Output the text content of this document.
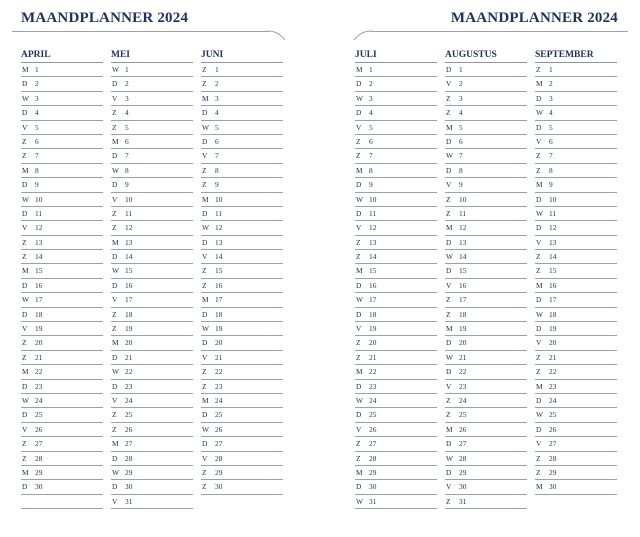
MAANDPLANNER 2024	MAANDPLANNER 2024
APRIL
M 1
D 2
W 3
D 4
V 5
Z 6
Z 7
M 8
D 9
W 10
D 11
V 12
Z 13
Z 14
M 15
D 16
W 17
D 18
V 19
Z 20
Z 21
M 22
D 23
W 24
D 25
V 26
Z 27
Z 28
M 29
D 30
MEI
W 1
D 2
V 3
Z 4
Z 5
M 6
D 7
W 8
D 9
V 10
Z 11
Z 12
M 13
D 14
W 15
D 16
V 17
Z 18
Z 19
M 20
D 21
W 22
D 23
V 24
Z 25
Z 26
M 27
D 28
W 29
D 30
V 31
JUNI
Z 1
Z 2
M 3
D 4
W 5
D 6
V 7
Z 8
Z 9
M 10
D 11
W 12
D 13
V 14
Z 15
Z 16
M 17
D 18
W 19
D 20
V 21
Z 22
Z 23
M 24
D 25
W 26
D 27
V 28
Z 29
Z 30
JULI
M 1
D 2
W 3
D 4
V 5
Z 6
Z 7
M 8
D 9
W 10
D 11
V 12
Z 13
Z 14
M 15
D 16
W 17
D 18
V 19
Z 20
Z 21
M 22
D 23
W 24
D 25
V 26
Z 27
Z 28
M 29
D 30
W 31
AUGUSTUS
D 1
V 2
Z 3
Z 4
M 5
D 6
W 7
D 8
V 9
Z 10
Z 11
M 12
D 13
W 14
D 15
V 16
Z 17
Z 18
M 19
D 20
W 21
D 22
V 23
Z 24
Z 25
M 26
D 27
W 28
D 29
V 30
Z 31
SEPTEMBER
Z 1
M 2
D 3
W 4
D 5
V 6
Z 7
Z 8
M 9
D 10
W 11
D 12
V 13
Z 14
Z 15
M 16
D 17
W 18
D 19
V 20
Z 21
Z 22
M 23
D 24
W 25
D 26
V 27
Z 28
Z 29
M 30
